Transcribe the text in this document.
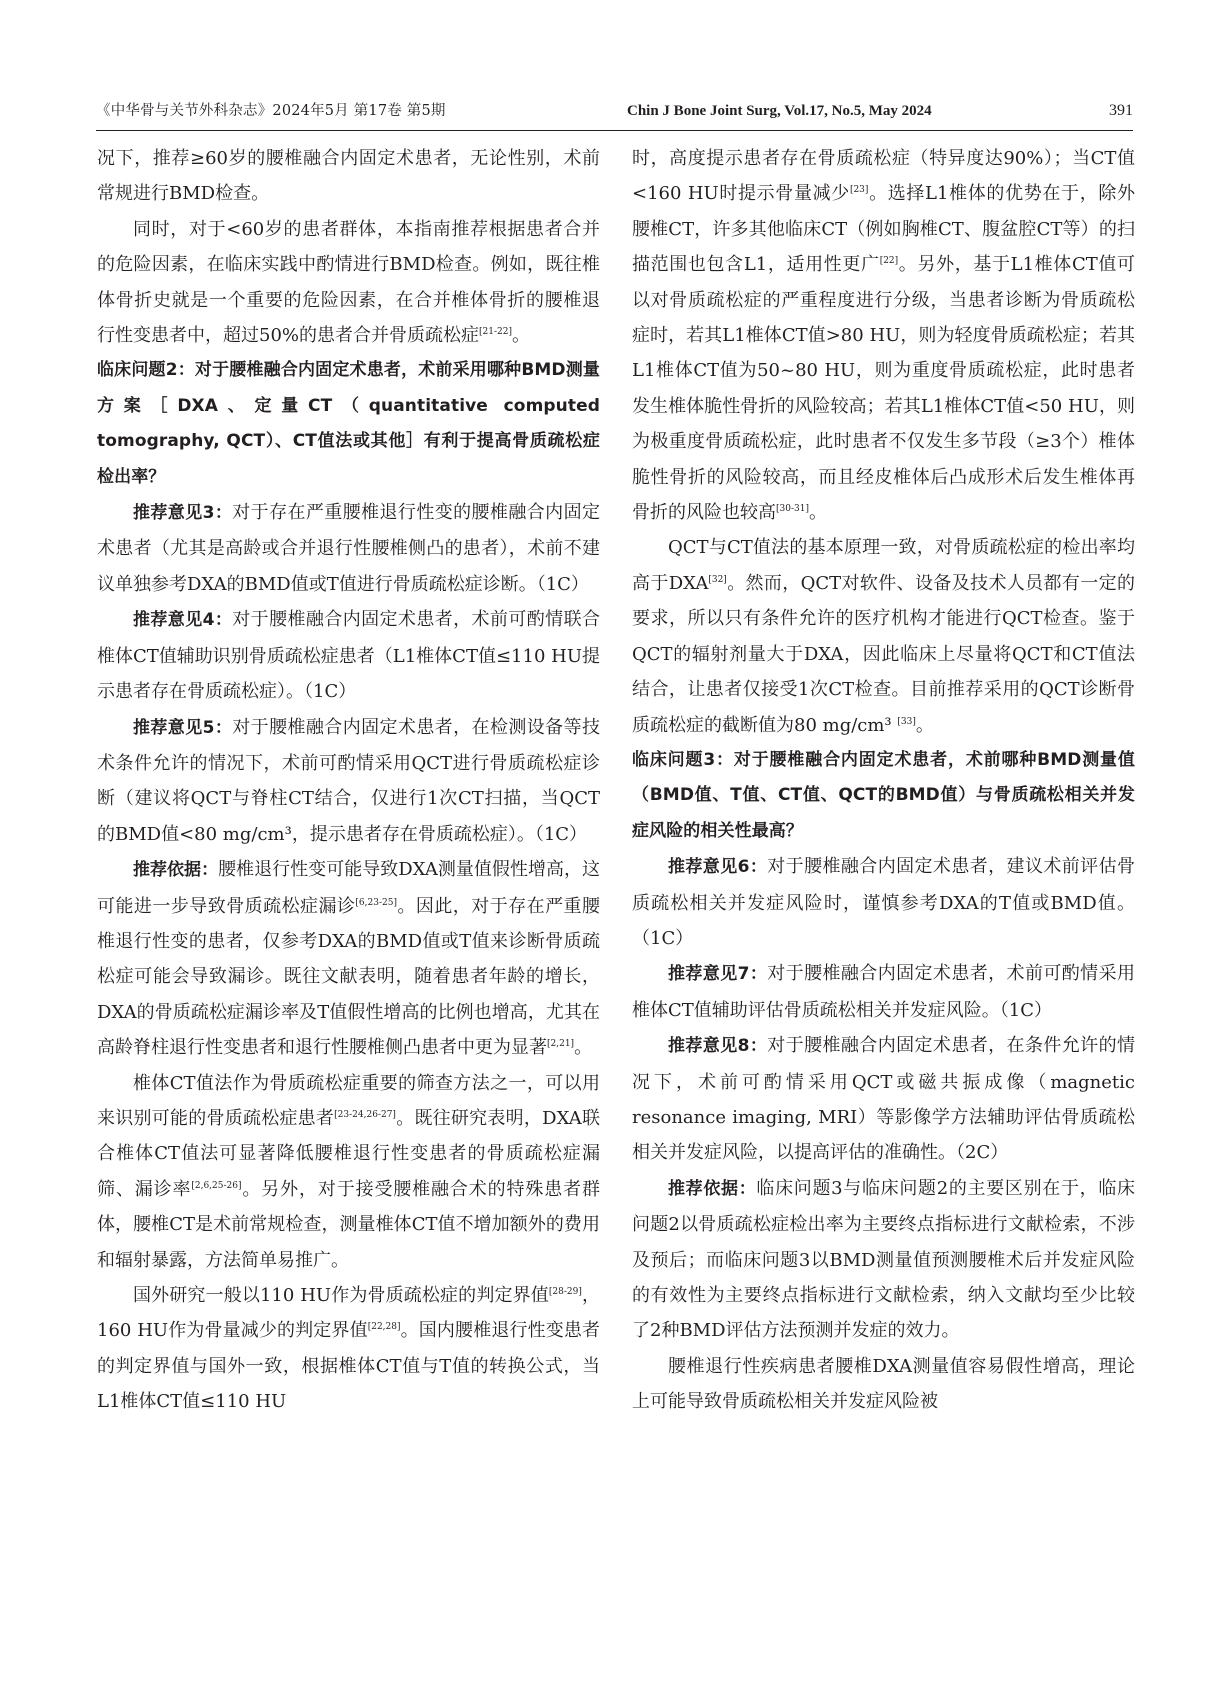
《中华骨与关节外科杂志》2024年5月 第17卷 第5期	Chin J Bone Joint Surg, Vol.17, No.5, May 2024	391

况下，推荐≥60岁的腰椎融合内固定术患者，无论性别，术前常规进行BMD检查。

同时，对于<60岁的患者群体，本指南推荐根据患者合并的危险因素，在临床实践中酌情进行BMD检查。例如，既往椎体骨折史就是一个重要的危险因素，在合并椎体骨折的腰椎退行性变患者中，超过50%的患者合并骨质疏松症[21-22]。

临床问题2：对于腰椎融合内固定术患者，术前采用哪种BMD测量方案［DXA、定量CT（quantitative computed tomography, QCT）、CT值法或其他］有利于提高骨质疏松症检出率？

推荐意见3：对于存在严重腰椎退行性变的腰椎融合内固定术患者（尤其是高龄或合并退行性腰椎侧凸的患者），术前不建议单独参考DXA的BMD值或T值进行骨质疏松症诊断。（1C）

推荐意见4：对于腰椎融合内固定术患者，术前可酌情联合椎体CT值辅助识别骨质疏松症患者（L1椎体CT值≤110 HU提示患者存在骨质疏松症）。（1C）

推荐意见5：对于腰椎融合内固定术患者，在检测设备等技术条件允许的情况下，术前可酌情采用QCT进行骨质疏松症诊断（建议将QCT与脊柱CT结合，仅进行1次CT扫描，当QCT的BMD值<80 mg/cm³，提示患者存在骨质疏松症）。（1C）

推荐依据：腰椎退行性变可能导致DXA测量值假性增高，这可能进一步导致骨质疏松症漏诊[6,23-25]。因此，对于存在严重腰椎退行性变的患者，仅参考DXA的BMD值或T值来诊断骨质疏松症可能会导致漏诊。既往文献表明，随着患者年龄的增长，DXA的骨质疏松症漏诊率及T值假性增高的比例也增高，尤其在高龄脊柱退行性变患者和退行性腰椎侧凸患者中更为显著[2,21]。

椎体CT值法作为骨质疏松症重要的筛查方法之一，可以用来识别可能的骨质疏松症患者[23-24,26-27]。既往研究表明，DXA联合椎体CT值法可显著降低腰椎退行性变患者的骨质疏松症漏筛、漏诊率[2,6,25-26]。另外，对于接受腰椎融合术的特殊患者群体，腰椎CT是术前常规检查，测量椎体CT值不增加额外的费用和辐射暴露，方法简单易推广。

国外研究一般以110 HU作为骨质疏松症的判定界值[28-29]，160 HU作为骨量减少的判定界值[22,28]。国内腰椎退行性变患者的判定界值与国外一致，根据椎体CT值与T值的转换公式，当L1椎体CT值≤110 HU

时，高度提示患者存在骨质疏松症（特异度达90%）；当CT值<160 HU时提示骨量减少[23]。选择L1椎体的优势在于，除外腰椎CT，许多其他临床CT（例如胸椎CT、腹盆腔CT等）的扫描范围也包含L1，适用性更广[22]。另外，基于L1椎体CT值可以对骨质疏松症的严重程度进行分级，当患者诊断为骨质疏松症时，若其L1椎体CT值>80 HU，则为轻度骨质疏松症；若其L1椎体CT值为50~80 HU，则为重度骨质疏松症，此时患者发生椎体脆性骨折的风险较高；若其L1椎体CT值<50 HU，则为极重度骨质疏松症，此时患者不仅发生多节段（≥3个）椎体脆性骨折的风险较高，而且经皮椎体后凸成形术后发生椎体再骨折的风险也较高[30-31]。

QCT与CT值法的基本原理一致，对骨质疏松症的检出率均高于DXA[32]。然而，QCT对软件、设备及技术人员都有一定的要求，所以只有条件允许的医疗机构才能进行QCT检查。鉴于QCT的辐射剂量大于DXA，因此临床上尽量将QCT和CT值法结合，让患者仅接受1次CT检查。目前推荐采用的QCT诊断骨质疏松症的截断值为80 mg/cm³ [33]。

临床问题3：对于腰椎融合内固定术患者，术前哪种BMD测量值（BMD值、T值、CT值、QCT的BMD值）与骨质疏松相关并发症风险的相关性最高？

推荐意见6：对于腰椎融合内固定术患者，建议术前评估骨质疏松相关并发症风险时，谨慎参考DXA的T值或BMD值。（1C）

推荐意见7：对于腰椎融合内固定术患者，术前可酌情采用椎体CT值辅助评估骨质疏松相关并发症风险。（1C）

推荐意见8：对于腰椎融合内固定术患者，在条件允许的情况下，术前可酌情采用QCT或磁共振成像（magnetic resonance imaging, MRI）等影像学方法辅助评估骨质疏松相关并发症风险，以提高评估的准确性。（2C）

推荐依据：临床问题3与临床问题2的主要区别在于，临床问题2以骨质疏松症检出率为主要终点指标进行文献检索，不涉及预后；而临床问题3以BMD测量值预测腰椎术后并发症风险的有效性为主要终点指标进行文献检索，纳入文献均至少比较了2种BMD评估方法预测并发症的效力。

腰椎退行性疾病患者腰椎DXA测量值容易假性增高，理论上可能导致骨质疏松相关并发症风险被
